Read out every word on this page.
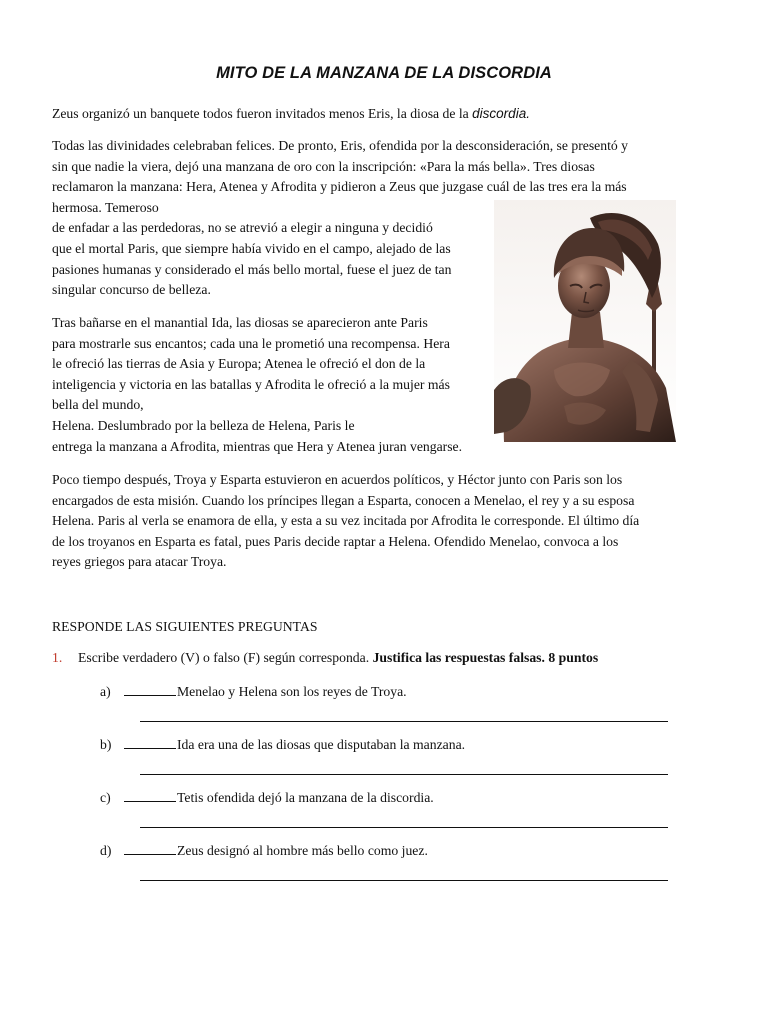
MITO DE LA MANZANA DE LA DISCORDIA
Zeus organizó un banquete todos fueron invitados menos Eris, la diosa de la discordia.
Todas las divinidades celebraban felices. De pronto, Eris, ofendida por la desconsideración, se presentó y
sin que nadie la viera, dejó una manzana de oro con la inscripción: «Para la más bella». Tres diosas
reclamaron la manzana: Hera, Atenea y Afrodita y pidieron a Zeus que juzgase cuál de las tres era la más
hermosa. Temeroso
de enfadar a las perdedoras, no se atrevió a elegir a ninguna y decidió
que el mortal Paris, que siempre había vivido en el campo, alejado de las
pasiones humanas y considerado el más bello mortal, fuese el juez de tan
singular concurso de belleza.
Tras bañarse en el manantial Ida, las diosas se aparecieron ante Paris
para mostrarle sus encantos; cada una le prometió una recompensa. Hera
le ofreció las tierras de Asia y Europa; Atenea le ofreció el don de la
inteligencia y victoria en las batallas y Afrodita le ofreció a la mujer más
bella del mundo,
Helena. Deslumbrado por la belleza de Helena, Paris le
entrega la manzana a Afrodita, mientras que Hera y Atenea juran vengarse.
Poco tiempo después, Troya y Esparta estuvieron en acuerdos políticos, y Héctor junto con Paris son los
encargados de esta misión. Cuando los príncipes llegan a Esparta, conocen a Menelao, el rey y a su esposa
Helena. Paris al verla se enamora de ella, y esta a su vez incitada por Afrodita le corresponde. El último día
de los troyanos en Esparta es fatal, pues Paris decide raptar a Helena. Ofendido Menelao, convoca a los
reyes griegos para atacar Troya.
RESPONDE LAS SIGUIENTES PREGUNTAS
1. Escribe verdadero (V) o falso (F) según corresponda. Justifica las respuestas falsas. 8 puntos
a)	Menelao y Helena son los reyes de Troya.
b)	Ida era una de las diosas que disputaban la manzana.
c)	Tetis ofendida dejó la manzana de la discordia.
d)	Zeus designó al hombre más bello como juez.
